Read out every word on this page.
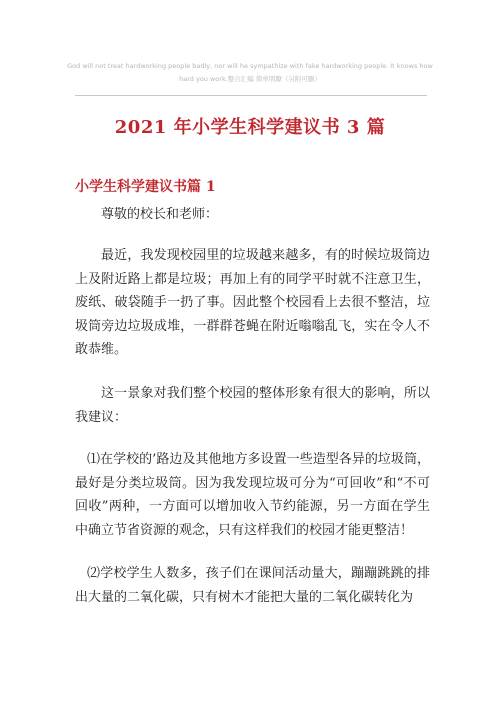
God will not treat hardworking people badly, nor will he sympathize with fake hardworking people. It knows how hard you work.整合汇编 简单明瞭（另附可删）
2021 年小学生科学建议书 3 篇
小学生科学建议书篇 1
尊敬的校长和老师：
最近，我发现校园里的垃圾越来越多，有的时候垃圾筒边上及附近路上都是垃圾；再加上有的同学平时就不注意卫生，废纸、破袋随手一扔了事。因此整个校园看上去很不整洁，垃圾筒旁边垃圾成堆，一群群苍蝇在附近嗡嗡乱飞，实在令人不敢恭维。
这一景象对我们整个校园的整体形象有很大的影响，所以我建议：
⑴在学校的’路边及其他地方多设置一些造型各异的垃圾筒，最好是分类垃圾筒。因为我发现垃圾可分为“可回收”和“不可回收”两种，一方面可以增加收入节约能源，另一方面在学生中确立节省资源的观念，只有这样我们的校园才能更整洁！
⑵学校学生人数多，孩子们在课间活动量大，蹦蹦跳跳的排出大量的二氧化碳，只有树木才能把大量的二氧化碳转化为
